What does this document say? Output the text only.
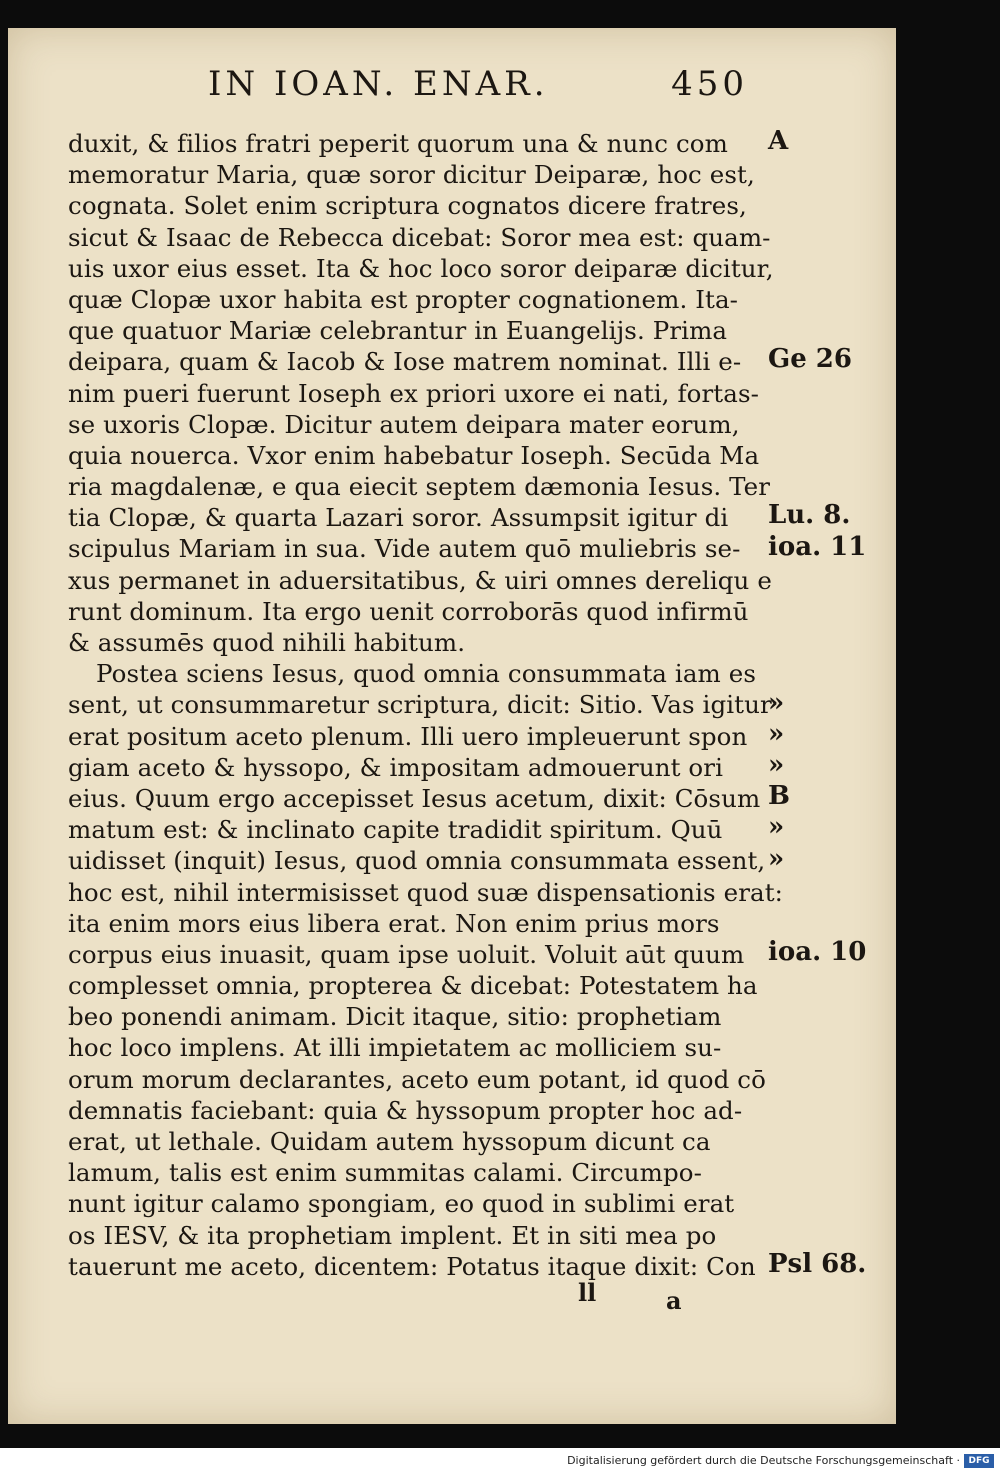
IN IOAN. ENAR.	450
duxit, & filios fratri peperit quorum una & nunc com
memoratur Maria, quæ soror dicitur Deiparæ, hoc est,
cognata. Solet enim scriptura cognatos dicere fratres,
sicut & Isaac de Rebecca dicebat: Soror mea est: quam-
uis uxor eius esset. Ita & hoc loco soror deiparæ dicitur,
quæ Clopæ uxor habita est propter cognationem. Ita-
que quatuor Mariæ celebrantur in Euangelijs. Prima
deipara, quam & Iacob & Iose matrem nominat. Illi e-
nim pueri fuerunt Ioseph ex priori uxore ei nati, fortas-
se uxoris Clopæ. Dicitur autem deipara mater eorum,
quia nouerca. Vxor enim habebatur Ioseph. Secūda Ma
ria magdalenæ, e qua eiecit septem dæmonia Iesus. Ter
tia Clopæ, & quarta Lazari soror. Assumpsit igitur di
scipulus Mariam in sua. Vide autem quō muliebris se-
xus permanet in aduersitatibus, & uiri omnes dereliqu e
runt dominum. Ita ergo uenit corroborās quod infirmū
& assumēs quod nihili habitum.
Postea sciens Iesus, quod omnia consummata iam es
sent, ut consummaretur scriptura, dicit: Sitio. Vas igitur
erat positum aceto plenum. Illi uero impleuerunt spon
giam aceto & hyssopo, & impositam admouerunt ori
eius. Quum ergo accepisset Iesus acetum, dixit: Cōsum
matum est: & inclinato capite tradidit spiritum. Quū
uidisset (inquit) Iesus, quod omnia consummata essent,
hoc est, nihil intermisisset quod suæ dispensationis erat:
ita enim mors eius libera erat. Non enim prius mors
corpus eius inuasit, quam ipse uoluit. Voluit aūt quum
complesset omnia, propterea & dicebat: Potestatem ha
beo ponendi animam. Dicit itaque, sitio: prophetiam
hoc loco implens. At illi impietatem ac molliciem su-
orum morum declarantes, aceto eum potant, id quod cō
demnatis faciebant: quia & hyssopum propter hoc ad-
erat, ut lethale. Quidam autem hyssopum dicunt ca
lamum, talis est enim summitas calami. Circumpo-
nunt igitur calamo spongiam, eo quod in sublimi erat
os IESV, & ita prophetiam implent. Et in siti mea po
tauerunt me aceto, dicentem: Potatus itaque dixit: Con
A
Ge 26
Lu. 8.
ioa. 11
»
»
»
B
»
»
ioa. 10
Psl 68.
ll	a
Digitalisierung gefördert durch die Deutsche Forschungsgemeinschaft · DFG
